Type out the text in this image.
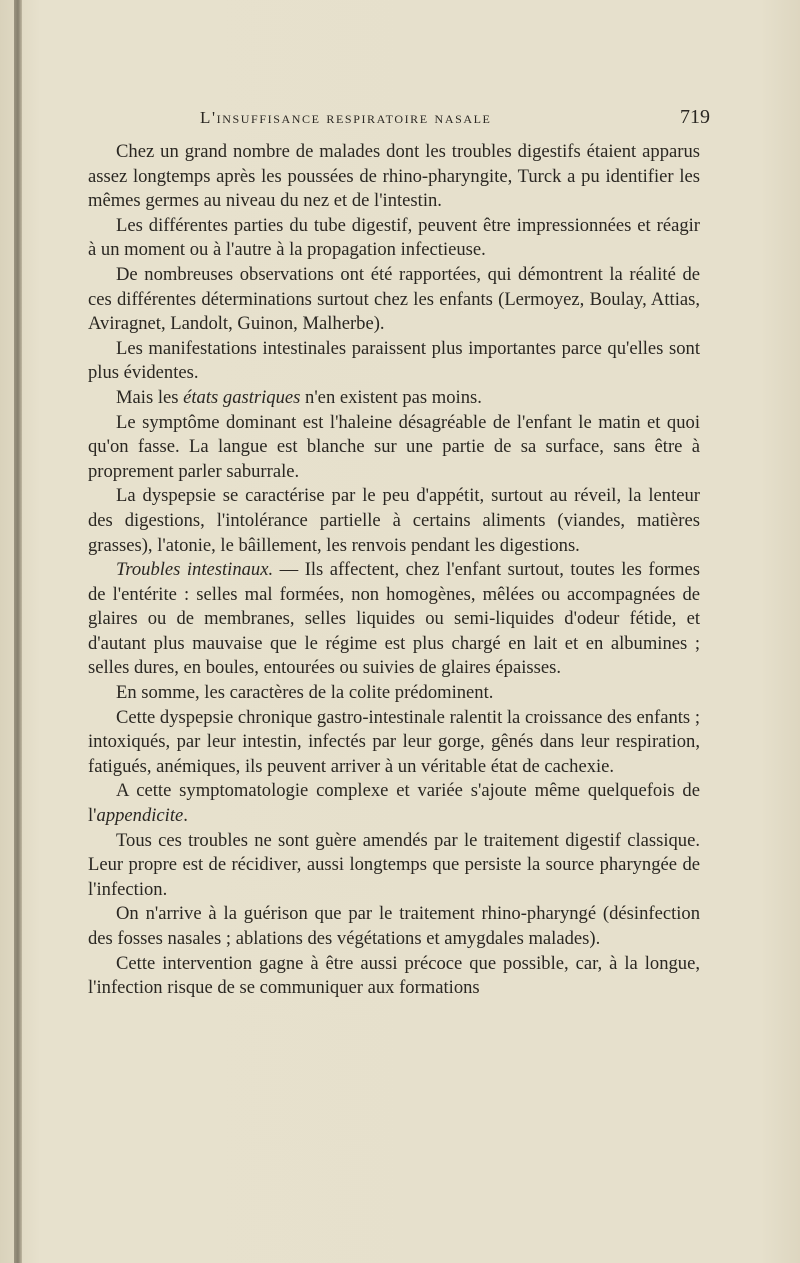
L'insuffisance respiratoire nasale	719

Chez un grand nombre de malades dont les troubles digestifs étaient apparus assez longtemps après les poussées de rhino-pharyngite, Turck a pu identifier les mêmes germes au niveau du nez et de l'intestin.

Les différentes parties du tube digestif, peuvent être impressionnées et réagir à un moment ou à l'autre à la propagation infectieuse.

De nombreuses observations ont été rapportées, qui démontrent la réalité de ces différentes déterminations surtout chez les enfants (Lermoyez, Boulay, Attias, Aviragnet, Landolt, Guinon, Malherbe).

Les manifestations intestinales paraissent plus importantes parce qu'elles sont plus évidentes.

Mais les états gastriques n'en existent pas moins.

Le symptôme dominant est l'haleine désagréable de l'enfant le matin et quoi qu'on fasse. La langue est blanche sur une partie de sa surface, sans être à proprement parler saburrale.

La dyspepsie se caractérise par le peu d'appétit, surtout au réveil, la lenteur des digestions, l'intolérance partielle à certains aliments (viandes, matières grasses), l'atonie, le bâillement, les renvois pendant les digestions.

Troubles intestinaux. — Ils affectent, chez l'enfant surtout, toutes les formes de l'entérite : selles mal formées, non homogènes, mêlées ou accompagnées de glaires ou de membranes, selles liquides ou semi-liquides d'odeur fétide, et d'autant plus mauvaise que le régime est plus chargé en lait et en albumines ; selles dures, en boules, entourées ou suivies de glaires épaisses.

En somme, les caractères de la colite prédominent.

Cette dyspepsie chronique gastro-intestinale ralentit la croissance des enfants ; intoxiqués, par leur intestin, infectés par leur gorge, gênés dans leur respiration, fatigués, anémiques, ils peuvent arriver à un véritable état de cachexie.

A cette symptomatologie complexe et variée s'ajoute même quelquefois de l'appendicite.

Tous ces troubles ne sont guère amendés par le traitement digestif classique. Leur propre est de récidiver, aussi longtemps que persiste la source pharyngée de l'infection.

On n'arrive à la guérison que par le traitement rhino-pharyngé (désinfection des fosses nasales ; ablations des végétations et amygdales malades).

Cette intervention gagne à être aussi précoce que possible, car, à la longue, l'infection risque de se communiquer aux formations
